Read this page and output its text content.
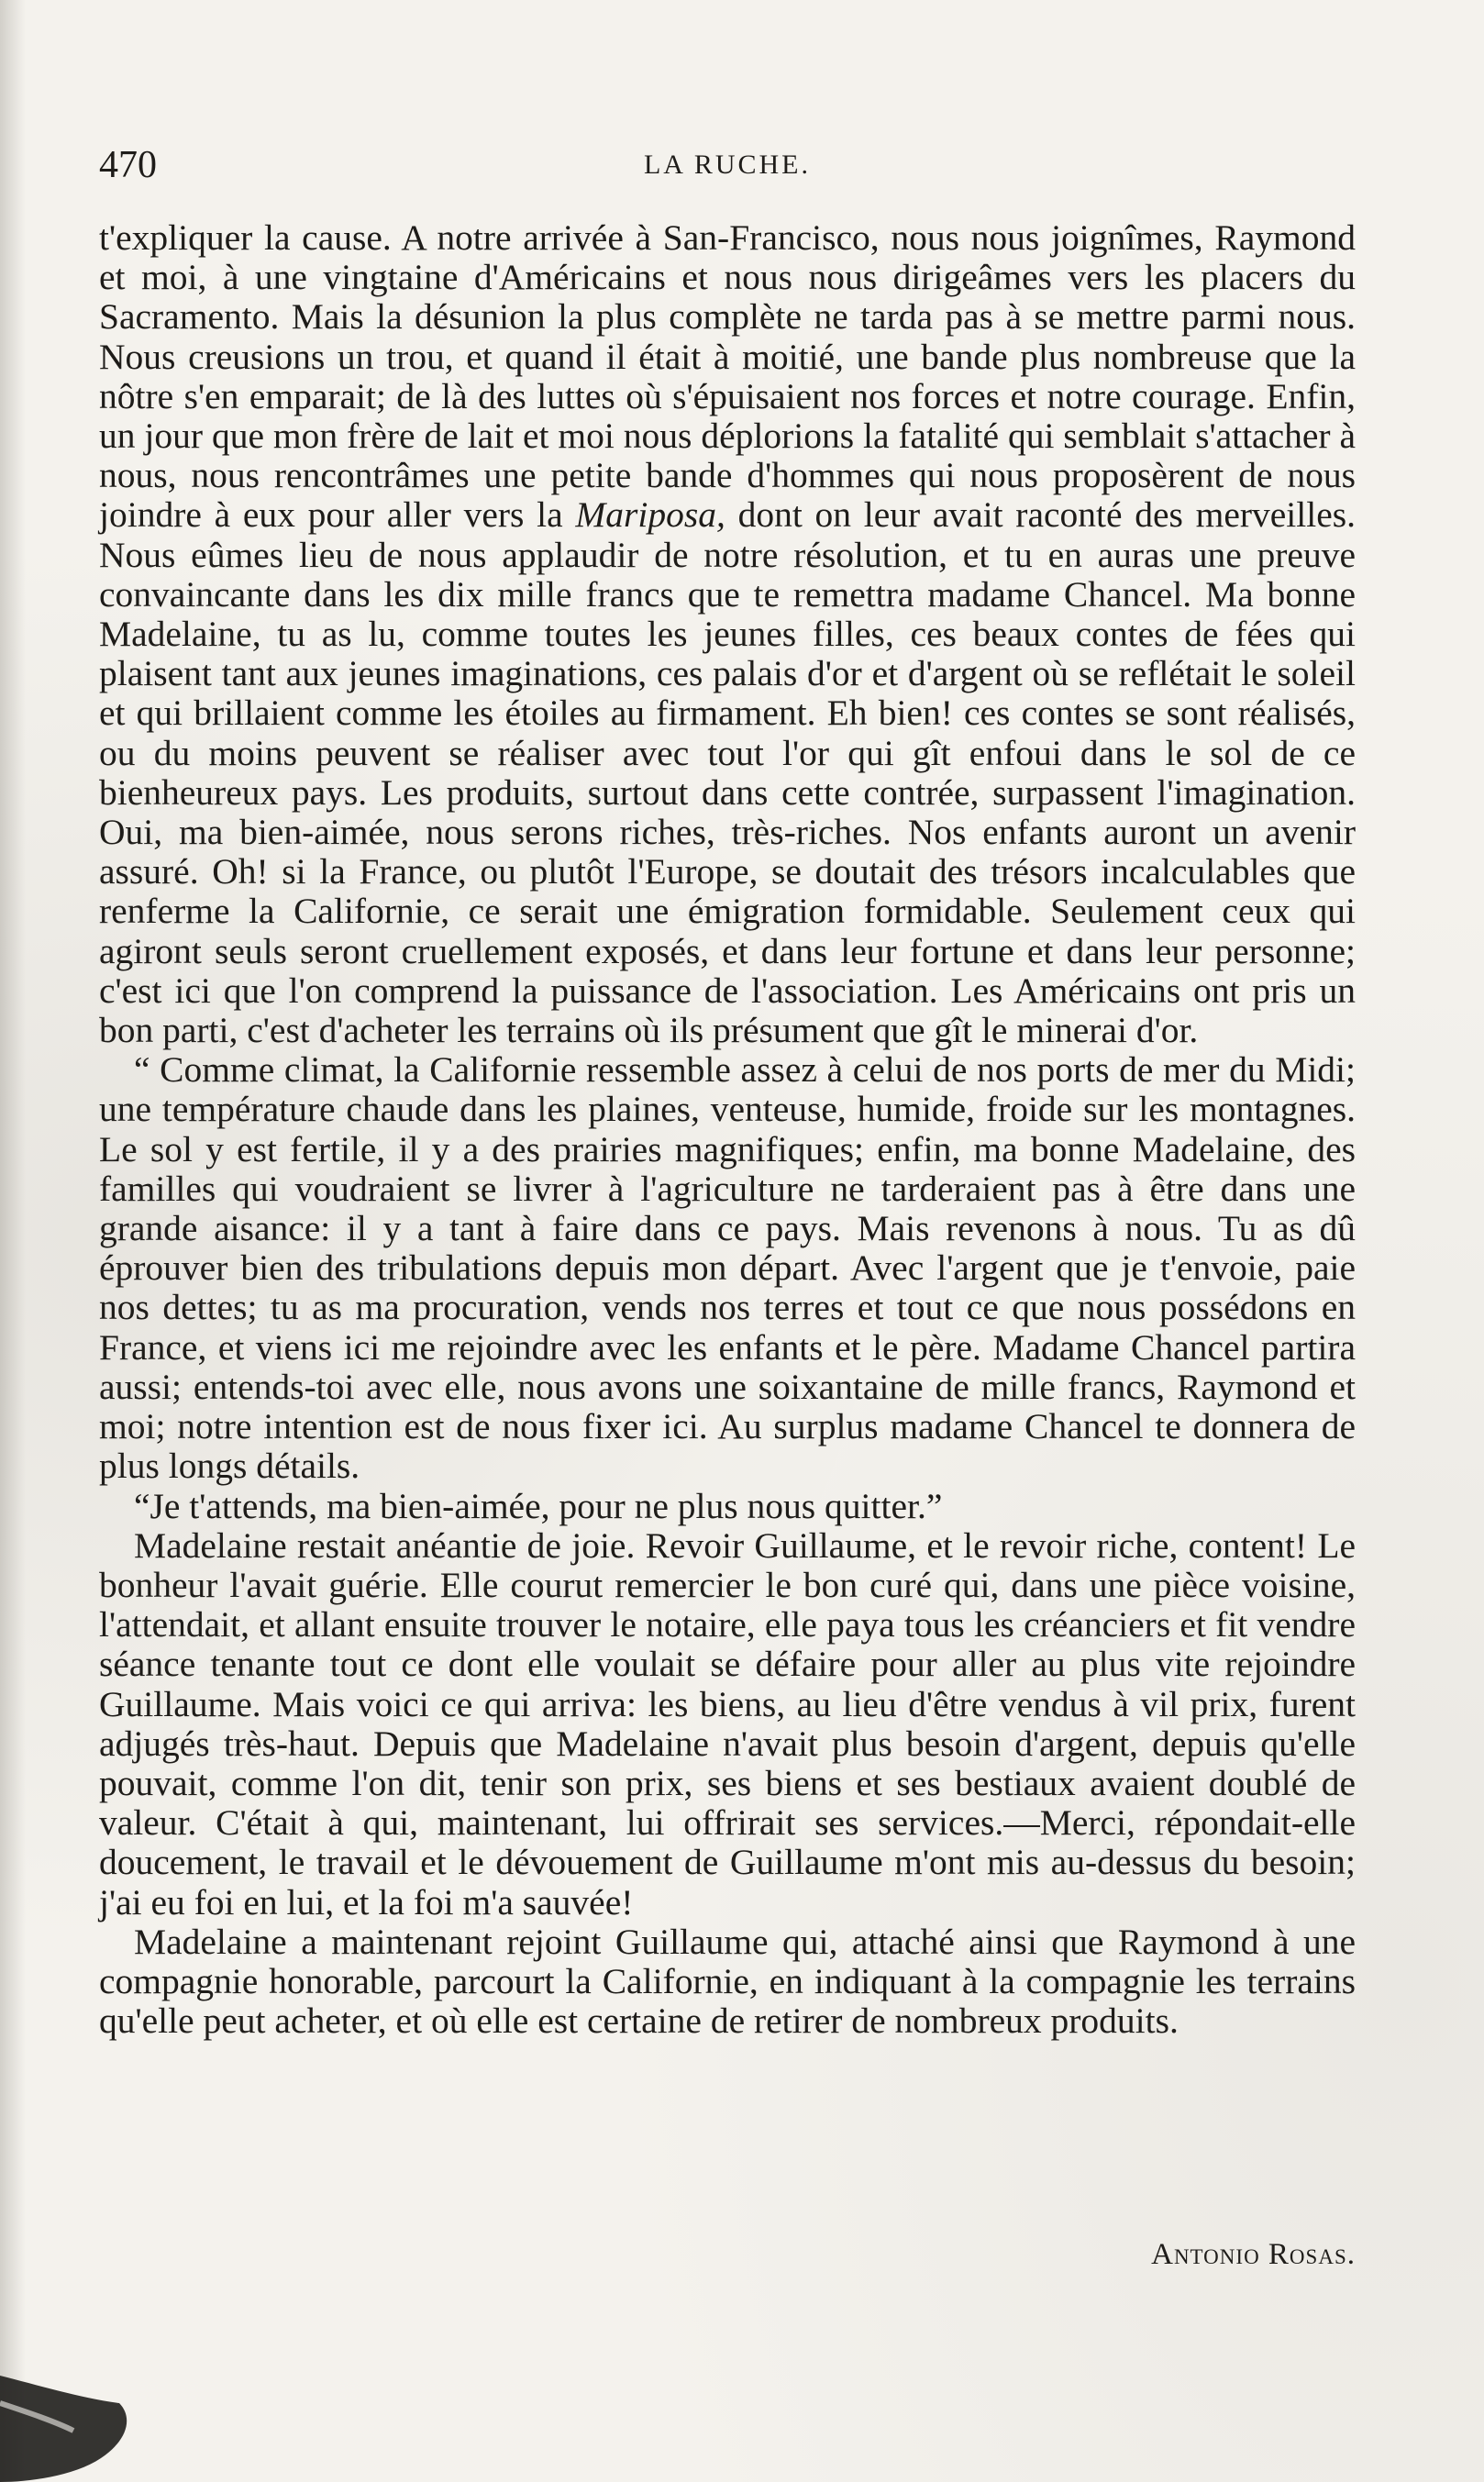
470	LA RUCHE.

t'expliquer la cause. A notre arrivée à San-Francisco, nous nous joignîmes, Raymond et moi, à une vingtaine d'Américains et nous nous dirigeâmes vers les placers du Sacramento. Mais la désunion la plus complète ne tarda pas à se mettre parmi nous. Nous creusions un trou, et quand il était à moitié, une bande plus nombreuse que la nôtre s'en emparait; de là des luttes où s'épuisaient nos forces et notre courage. Enfin, un jour que mon frère de lait et moi nous déplorions la fatalité qui semblait s'attacher à nous, nous rencontrâmes une petite bande d'hommes qui nous proposèrent de nous joindre à eux pour aller vers la Mariposa, dont on leur avait raconté des merveilles. Nous eûmes lieu de nous applaudir de notre résolution, et tu en auras une preuve convaincante dans les dix mille francs que te remettra madame Chancel. Ma bonne Madelaine, tu as lu, comme toutes les jeunes filles, ces beaux contes de fées qui plaisent tant aux jeunes imaginations, ces palais d'or et d'argent où se reflétait le soleil et qui brillaient comme les étoiles au firmament. Eh bien! ces contes se sont réalisés, ou du moins peuvent se réaliser avec tout l'or qui gît enfoui dans le sol de ce bienheureux pays. Les produits, surtout dans cette contrée, surpassent l'imagination. Oui, ma bien-aimée, nous serons riches, très-riches. Nos enfants auront un avenir assuré. Oh! si la France, ou plutôt l'Europe, se doutait des trésors incalculables que renferme la Californie, ce serait une émigration formidable. Seulement ceux qui agiront seuls seront cruellement exposés, et dans leur fortune et dans leur personne; c'est ici que l'on comprend la puissance de l'association. Les Américains ont pris un bon parti, c'est d'acheter les terrains où ils présument que gît le minerai d'or.

“ Comme climat, la Californie ressemble assez à celui de nos ports de mer du Midi; une température chaude dans les plaines, venteuse, humide, froide sur les montagnes. Le sol y est fertile, il y a des prairies magnifiques; enfin, ma bonne Madelaine, des familles qui voudraient se livrer à l'agriculture ne tarderaient pas à être dans une grande aisance: il y a tant à faire dans ce pays. Mais revenons à nous. Tu as dû éprouver bien des tribulations depuis mon départ. Avec l'argent que je t'envoie, paie nos dettes; tu as ma procuration, vends nos terres et tout ce que nous possédons en France, et viens ici me rejoindre avec les enfants et le père. Madame Chancel partira aussi; entends-toi avec elle, nous avons une soixantaine de mille francs, Raymond et moi; notre intention est de nous fixer ici. Au surplus madame Chancel te donnera de plus longs détails.

“Je t'attends, ma bien-aimée, pour ne plus nous quitter.”

Madelaine restait anéantie de joie. Revoir Guillaume, et le revoir riche, content! Le bonheur l'avait guérie. Elle courut remercier le bon curé qui, dans une pièce voisine, l'attendait, et allant ensuite trouver le notaire, elle paya tous les créanciers et fit vendre séance tenante tout ce dont elle voulait se défaire pour aller au plus vite rejoindre Guillaume. Mais voici ce qui arriva: les biens, au lieu d'être vendus à vil prix, furent adjugés très-haut. Depuis que Madelaine n'avait plus besoin d'argent, depuis qu'elle pouvait, comme l'on dit, tenir son prix, ses biens et ses bestiaux avaient doublé de valeur. C'était à qui, maintenant, lui offrirait ses services.—Merci, répondait-elle doucement, le travail et le dévouement de Guillaume m'ont mis au-dessus du besoin; j'ai eu foi en lui, et la foi m'a sauvée!

Madelaine a maintenant rejoint Guillaume qui, attaché ainsi que Raymond à une compagnie honorable, parcourt la Californie, en indiquant à la compagnie les terrains qu'elle peut acheter, et où elle est certaine de retirer de nombreux produits.

Antonio Rosas.
